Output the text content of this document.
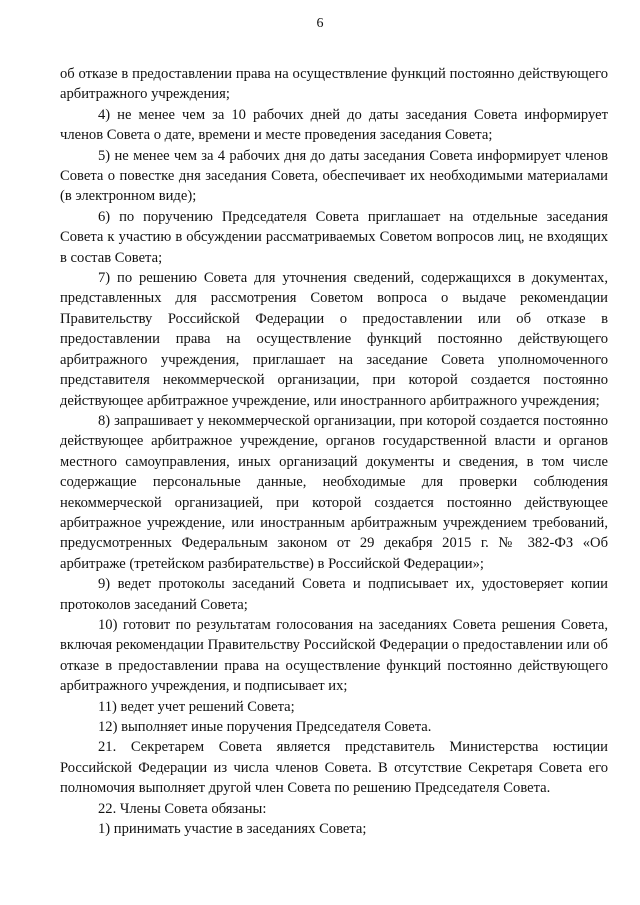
6

об отказе в предоставлении права на осуществление функций постоянно действующего арбитражного учреждения;

4) не менее чем за 10 рабочих дней до даты заседания Совета информирует членов Совета о дате, времени и месте проведения заседания Совета;

5) не менее чем за 4 рабочих дня до даты заседания Совета информирует членов Совета о повестке дня заседания Совета, обеспечивает их необходимыми материалами (в электронном виде);

6) по поручению Председателя Совета приглашает на отдельные заседания Совета к участию в обсуждении рассматриваемых Советом вопросов лиц, не входящих в состав Совета;

7) по решению Совета для уточнения сведений, содержащихся в документах, представленных для рассмотрения Советом вопроса о выдаче рекомендации Правительству Российской Федерации о предоставлении или об отказе в предоставлении права на осуществление функций постоянно действующего арбитражного учреждения, приглашает на заседание Совета уполномоченного представителя некоммерческой организации, при которой создается постоянно действующее арбитражное учреждение, или иностранного арбитражного учреждения;

8) запрашивает у некоммерческой организации, при которой создается постоянно действующее арбитражное учреждение, органов государственной власти и органов местного самоуправления, иных организаций документы и сведения, в том числе содержащие персональные данные, необходимые для проверки соблюдения некоммерческой организацией, при которой создается постоянно действующее арбитражное учреждение, или иностранным арбитражным учреждением требований, предусмотренных Федеральным законом от 29 декабря 2015 г. № 382-ФЗ «Об арбитраже (третейском разбирательстве) в Российской Федерации»;

9) ведет протоколы заседаний Совета и подписывает их, удостоверяет копии протоколов заседаний Совета;

10) готовит по результатам голосования на заседаниях Совета решения Совета, включая рекомендации Правительству Российской Федерации о предоставлении или об отказе в предоставлении права на осуществление функций постоянно действующего арбитражного учреждения, и подписывает их;

11) ведет учет решений Совета;

12) выполняет иные поручения Председателя Совета.

21. Секретарем Совета является представитель Министерства юстиции Российской Федерации из числа членов Совета. В отсутствие Секретаря Совета его полномочия выполняет другой член Совета по решению Председателя Совета.

22. Члены Совета обязаны:

1) принимать участие в заседаниях Совета;
